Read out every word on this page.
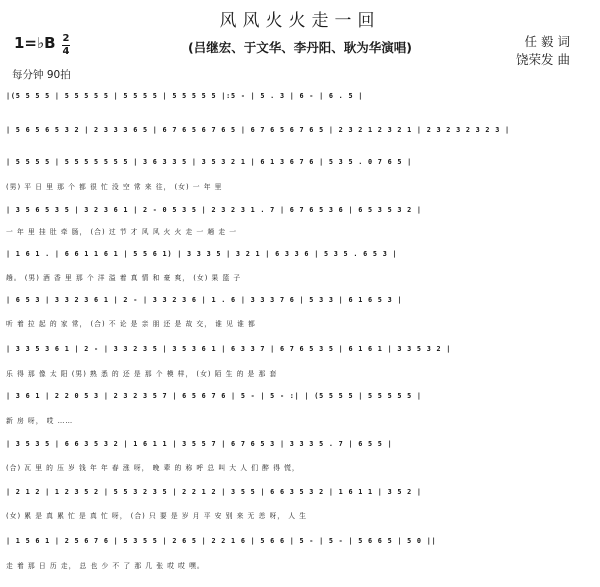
风风火火走一回
(吕继宏、于文华、李丹阳、耿为华演唱)	任 毅 词
饶荣发 曲
1=♭B 2
4
每分钟 90拍
|(5 5 5 5 | 5 5 5 5 5 | 5 5 5 5 | 5 5 5 5 5 |:5 - | 5 . 3 | 6 - | 6 . 5 |
| 5 6 5 6 5 3 2 | 2 3 3 3 6 5 | 6 7 6 5 6 7 6 5 | 6 7 6 5 6 7 6 5 | 2 3 2 1 2 3 2 1 | 2 3 2 3 2 3 2 3 |
| 5 5 5 5 | 5 5 5 5 5 5 5 | 3 6 3 3 5 | 3 5 3 2 1 | 6 1 3 6 7 6 | 5 3 5 . 0 7 6 5 |
(男) 平 日 里 那 个 都 很 忙 没 空 常 来 往， (女) 一 年 里
| 3 5 6 5 3 5 | 3 2 3 6 1 | 2 - 0 5 3 5 | 2 3 2 3 1 . 7 | 6 7 6 5 3 6 | 6 5 3 5 3 2 |
一 年 里 挂 肚 牵 肠， (合) 过 节 才 风 风 火 火 走 一 趟 走 一
| 1 6 1 . | 6 6 1 1 6 1 | 5 5 6 1) | 3 3 3 5 | 3 2 1 | 6 3 3 6 | 5 3 5 . 6 5 3 |
趟。 (男) 酒 香 里 那 个 洋 溢 着 真 情 和 豪 爽， (女) 果 篮 子
| 6 5 3 | 3 3 2 3 6 1 | 2 - | 3 3 2 3 6 | 1 . 6 | 3 3 3 7 6 | 5 3 3 | 6 1 6 5 3 |
听 着 拉 起 的 家 常， (合) 不 论 是 亲 朋 还 是 故 交， 谁 见 谁 都
| 3 3 5 3 6 1 | 2 - | 3 3 2 3 5 | 3 5 3 6 1 | 6 3 3 7 | 6 7 6 5 3 5 | 6 1 6 1 | 3 3 5 3 2 |
乐 得 那 像 太 阳 (男) 熟 悉 的 还 是 那 个 模 样， (女) 陌 生 的 是 那 套
| 3 6 1 | 2 2 0 5 3 | 2 3 2 3 5 7 | 6 5 6 7 6 | 5 - | 5 - :| | (5 5 5 5 | 5 5 5 5 5 |
新 房 呀， 哎 ……
| 3 5 3 5 | 6 6 3 5 3 2 | 1 6 1 1 | 3 5 5 7 | 6 7 6 5 3 | 3 3 3 5 . 7 | 6 5 5 |
(合) 瓦 里 的 压 岁 钱 年 年 春 涨 呀， 晚 辈 的 称 呼 总 叫 大 人 们 醉 得 慌，
| 2 1 2 | 1 2 3 5 2 | 5 5 3 2 3 5 | 2 2 1 2 | 3 5 5 | 6 6 3 5 3 2 | 1 6 1 1 | 3 5 2 |
(女) 累 是 真 累 忙 是 真 忙 呀， (合) 只 要 是 岁 月 平 安 别 来 无 恙 呀， 人 生
| 1 5 6 1 | 2 5 6 7 6 | 5 3 5 5 | 2 6 5 | 2 2 1 6 | 5 6 6 | 5 - | 5 - | 5 6 6 5 | 5 0 ||
走 着 那 日 历 走， 总 也 少 不 了 那 几 张 哎 哎 嘿。
